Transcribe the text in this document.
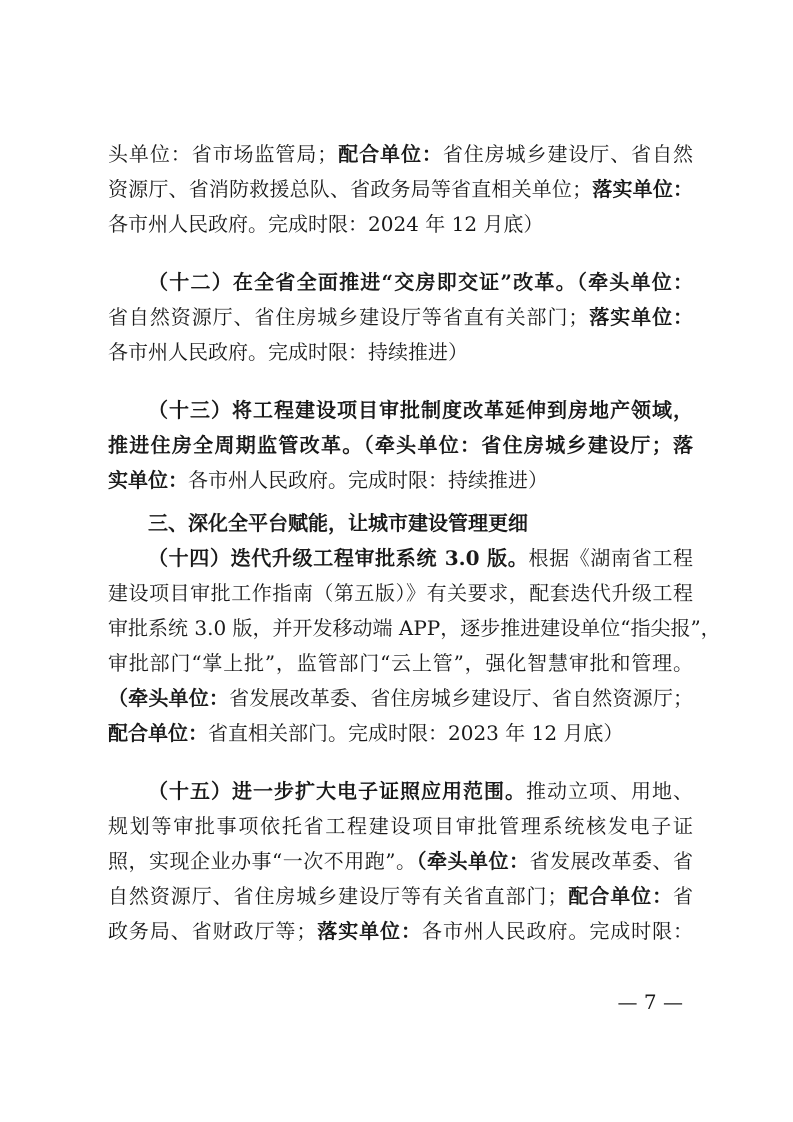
头单位：省市场监管局；配合单位：省住房城乡建设厅、省自然
资源厅、省消防救援总队、省政务局等省直相关单位；落实单位：
各市州人民政府。完成时限：2024 年 12 月底）
（十二）在全省全面推进“交房即交证”改革。（牵头单位：
省自然资源厅、省住房城乡建设厅等省直有关部门；落实单位：
各市州人民政府。完成时限：持续推进）
（十三）将工程建设项目审批制度改革延伸到房地产领域，
推进住房全周期监管改革。（牵头单位：省住房城乡建设厅；落
实单位：各市州人民政府。完成时限：持续推进）
三、深化全平台赋能，让城市建设管理更细
（十四）迭代升级工程审批系统 3.0 版。根据《湖南省工程
建设项目审批工作指南（第五版）》有关要求，配套迭代升级工程
审批系统 3.0 版，并开发移动端 APP，逐步推进建设单位“指尖报”，
审批部门“掌上批”，监管部门“云上管”，强化智慧审批和管理。
（牵头单位：省发展改革委、省住房城乡建设厅、省自然资源厅；
配合单位：省直相关部门。完成时限：2023 年 12 月底）
（十五）进一步扩大电子证照应用范围。推动立项、用地、
规划等审批事项依托省工程建设项目审批管理系统核发电子证
照，实现企业办事“一次不用跑”。（牵头单位：省发展改革委、省
自然资源厅、省住房城乡建设厅等有关省直部门；配合单位：省
政务局、省财政厅等；落实单位：各市州人民政府。完成时限：
— 7 —
